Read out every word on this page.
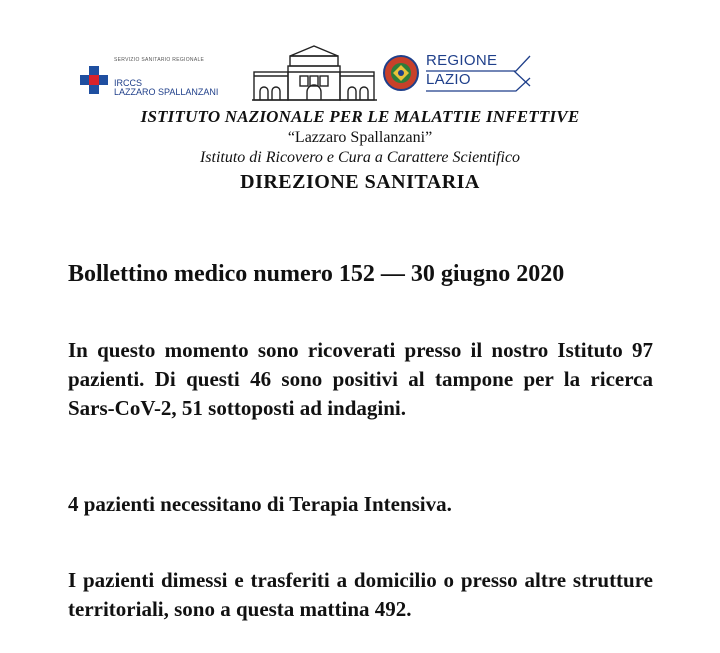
SERVIZIO SANITARIO REGIONALE
IRCCS
LAZZARO SPALLANZANI
REGIONE
LAZIO
ISTITUTO NAZIONALE PER LE MALATTIE INFETTIVE
“Lazzaro Spallanzani”
Istituto di Ricovero e Cura a Carattere Scientifico
DIREZIONE SANITARIA
Bollettino medico numero 152 — 30 giugno 2020
In questo momento sono ricoverati presso il nostro Istituto 97 pazienti. Di questi 46 sono positivi al tampone per la ricerca Sars-CoV-2, 51 sottoposti ad indagini.
4 pazienti necessitano di Terapia Intensiva.
I pazienti dimessi e trasferiti a domicilio o presso altre strutture territoriali, sono a questa mattina 492.
